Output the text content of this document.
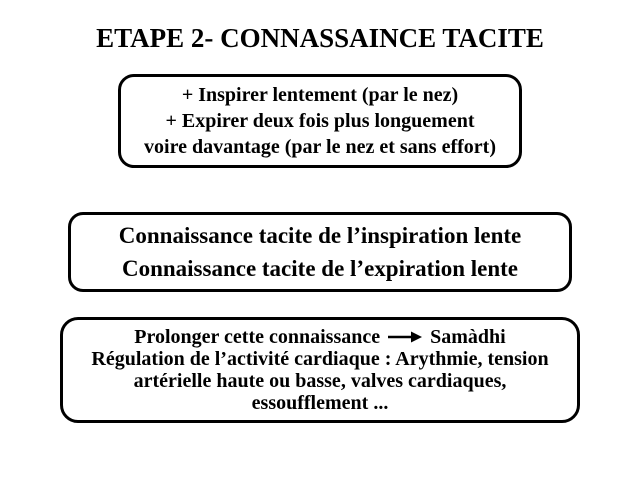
ETAPE 2- CONNASSAINCE TACITE
+ Inspirer lentement (par le nez)
+ Expirer deux fois plus longuement
voire davantage (par le nez et sans effort)
Connaissance tacite de l’inspiration lente
Connaissance tacite de l’expiration lente
Prolonger cette connaissance	Samàdhi
Régulation de l’activité cardiaque : Arythmie, tension
artérielle haute ou basse, valves cardiaques,
essoufflement ...
